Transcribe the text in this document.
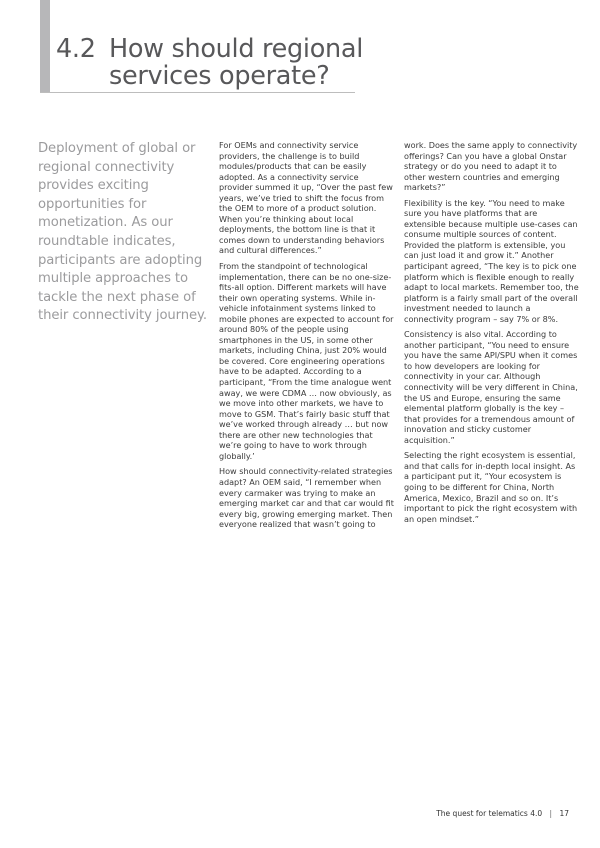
4.2 How should regional
services operate?
Deployment of global or regional connectivity provides exciting opportunities for monetization. As our roundtable indicates, participants are adopting multiple approaches to tackle the next phase of their connectivity journey.

For OEMs and connectivity service providers, the challenge is to build modules/products that can be easily adopted. As a connectivity service provider summed it up, “Over the past few years, we’ve tried to shift the focus from the OEM to more of a product solution. When you’re thinking about local deployments, the bottom line is that it comes down to understanding behaviors and cultural differences.”

From the standpoint of technological implementation, there can be no one-size-fits-all option. Different markets will have their own operating systems. While in-vehicle infotainment systems linked to mobile phones are expected to account for around 80% of the people using smartphones in the US, in some other markets, including China, just 20% would be covered. Core engineering operations have to be adapted. According to a participant, “From the time analogue went away, we were CDMA … now obviously, as we move into other markets, we have to move to GSM. That’s fairly basic stuff that we’ve worked through already … but now there are other new technologies that we’re going to have to work through globally.’

How should connectivity-related strategies adapt? An OEM said, “I remember when every carmaker was trying to make an emerging market car and that car would fit every big, growing emerging market. Then everyone realized that wasn’t going to

work. Does the same apply to connectivity offerings? Can you have a global Onstar strategy or do you need to adapt it to other western countries and emerging markets?”

Flexibility is the key. “You need to make sure you have platforms that are extensible because multiple use-cases can consume multiple sources of content. Provided the platform is extensible, you can just load it and grow it.” Another participant agreed, “The key is to pick one platform which is flexible enough to really adapt to local markets. Remember too, the platform is a fairly small part of the overall investment needed to launch a connectivity program – say 7% or 8%.

Consistency is also vital. According to another participant, “You need to ensure you have the same API/SPU when it comes to how developers are looking for connectivity in your car. Although connectivity will be very different in China, the US and Europe, ensuring the same elemental platform globally is the key – that provides for a tremendous amount of innovation and sticky customer acquisition.”

Selecting the right ecosystem is essential, and that calls for in-depth local insight. As a participant put it, “Your ecosystem is going to be different for China, North America, Mexico, Brazil and so on. It’s important to pick the right ecosystem with an open mindset.”

The quest for telematics 4.0 | 17
